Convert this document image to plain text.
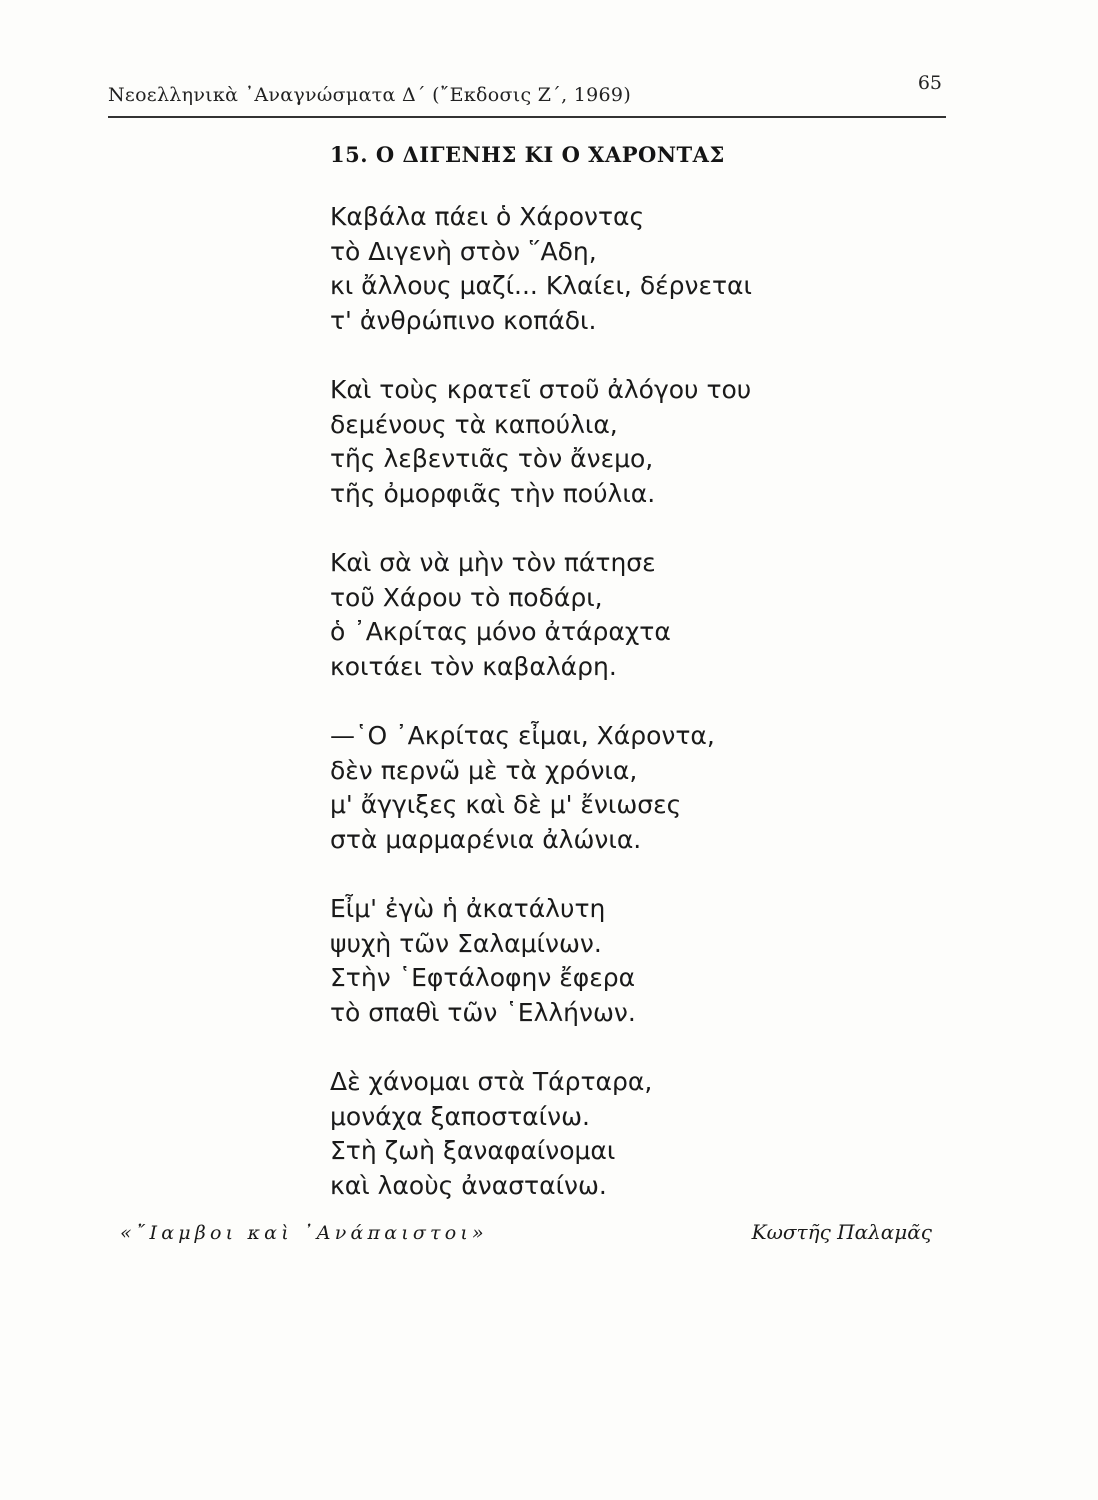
Νεοελληνικὰ ᾿Αναγνώσματα Δ΄ (῎Εκδοσις Ζ΄, 1969)
65
15. Ο ΔΙΓΕΝΗΣ ΚΙ Ο ΧΑΡΟΝΤΑΣ
Καβάλα πάει ὁ Χάροντας
τὸ Διγενὴ στὸν ῞Αδη,
κι ἄλλους μαζί... Κλαίει, δέρνεται
τ' ἀνθρώπινο κοπάδι.
Καὶ τοὺς κρατεῖ στοῦ ἀλόγου του
δεμένους τὰ καπούλια,
τῆς λεβεντιᾶς τὸν ἄνεμο,
τῆς ὀμορφιᾶς τὴν πούλια.
Καὶ σὰ νὰ μὴν τὸν πάτησε
τοῦ Χάρου τὸ ποδάρι,
ὁ ᾿Ακρίτας μόνο ἀτάραχτα
κοιτάει τὸν καβαλάρη.
—῾Ο ᾿Ακρίτας εἶμαι, Χάροντα,
δὲν περνῶ μὲ τὰ χρόνια,
μ' ἄγγιξες καὶ δὲ μ' ἔνιωσες
στὰ μαρμαρένια ἀλώνια.
Εἶμ' ἐγὼ ἡ ἀκατάλυτη
ψυχὴ τῶν Σαλαμίνων.
Στὴν ῾Εφτάλοφην ἔφερα
τὸ σπαθὶ τῶν ῾Ελλήνων.
Δὲ χάνομαι στὰ Τάρταρα,
μονάχα ξαποσταίνω.
Στὴ ζωὴ ξαναφαίνομαι
καὶ λαοὺς ἀνασταίνω.
«῎Ιαμβοι καὶ ᾿Ανάπαιστοι»	Κωστῆς Παλαμᾶς
